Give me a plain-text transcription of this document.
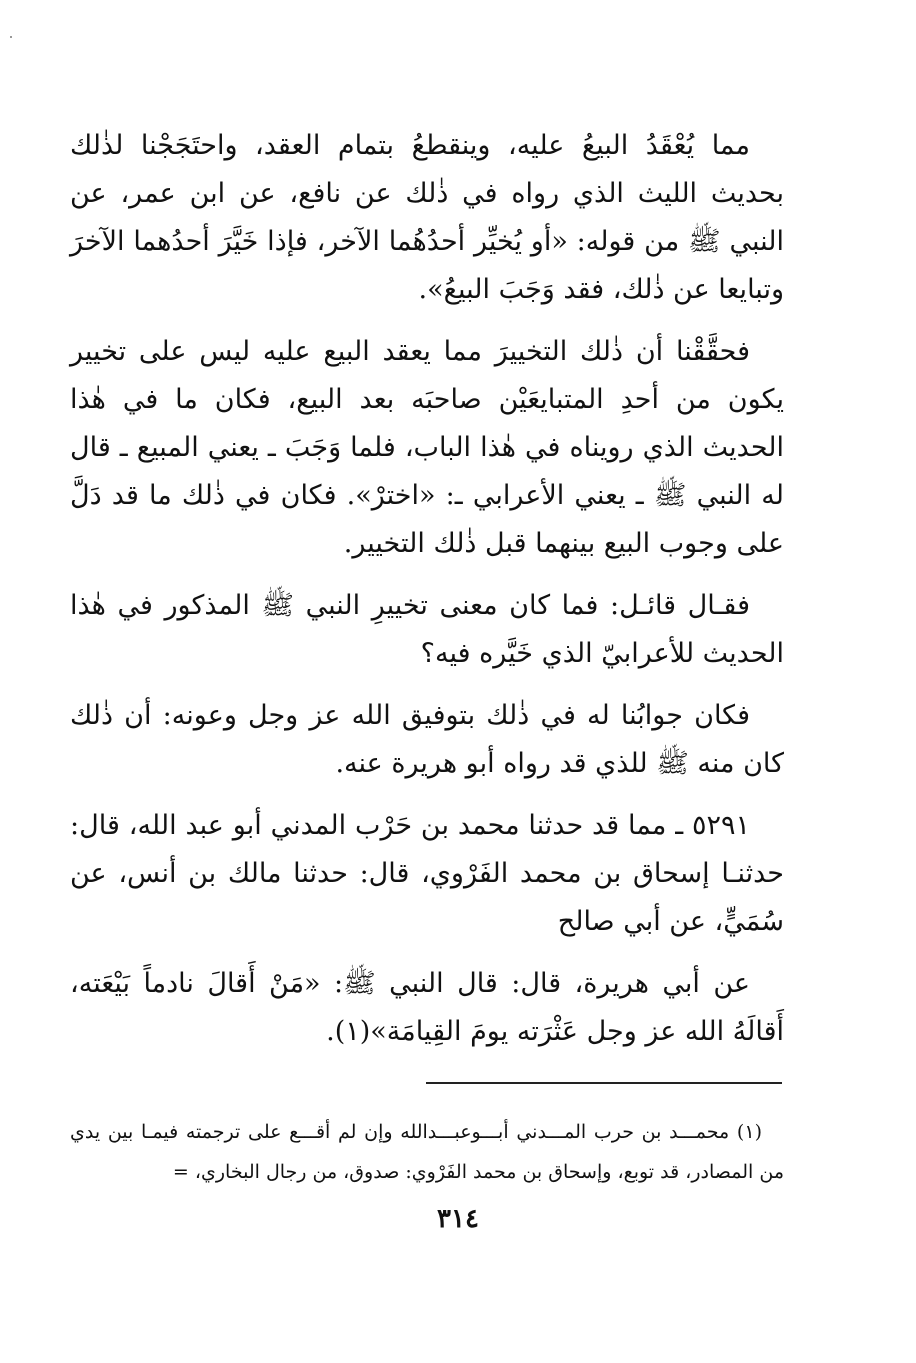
مما يُعْقَدُ البيعُ عليه، وينقطعُ بتمام العقد، واحتَجَجْنا لذٰلك بحديث الليث الذي رواه في ذٰلك عن نافع، عن ابن عمر، عن النبي ﷺ من قوله: «أو يُخيِّر أحدُهُما الآخر، فإذا خَيَّرَ أحدُهما الآخرَ وتبايعا عن ذٰلك، فقد وَجَبَ البيعُ».

فحقَّقْنا أن ذٰلك التخييرَ مما يعقد البيع عليه ليس على تخيير يكون من أحدِ المتبايعَيْن صاحبَه بعد البيع، فكان ما في هٰذا الحديث الذي رويناه في هٰذا الباب، فلما وَجَبَ ـ يعني المبيع ـ قال له النبي ﷺ ـ يعني الأعرابي ـ: «اخترْ». فكان في ذٰلك ما قد دَلَّ على وجوب البيع بينهما قبل ذٰلك التخيير.

فقـال قائـل: فما كان معنى تخييرِ النبي ﷺ المذكور في هٰذا الحديث للأعرابيّ الذي خَيَّره فيه؟

فكان جوابُنا له في ذٰلك بتوفيق الله عز وجل وعونه: أن ذٰلك كان منه ﷺ للذي قد رواه أبو هريرة عنه.

٥٢٩١ ـ مما قد حدثنا محمد بن حَرْب المدني أبو عبد الله، قال: حدثنـا إسحاق بن محمد الفَرْوي، قال: حدثنا مالك بن أنس، عن سُمَيٍّ، عن أبي صالح

عن أبي هريرة، قال: قال النبي ﷺ: «مَنْ أَقالَ نادماً بَيْعَته، أَقالَهُ الله عز وجل عَثْرَته يومَ القِيامَة»(١).

(١) محمـــد بن حرب المـــدني أبـــوعبـــدالله وإن لم أقـــع على ترجمته فيمـا بين يدي من المصادر، قد توبع، وإسحاق بن محمد الفَرْوي: صدوق، من رجال البخاري، =

٣١٤
